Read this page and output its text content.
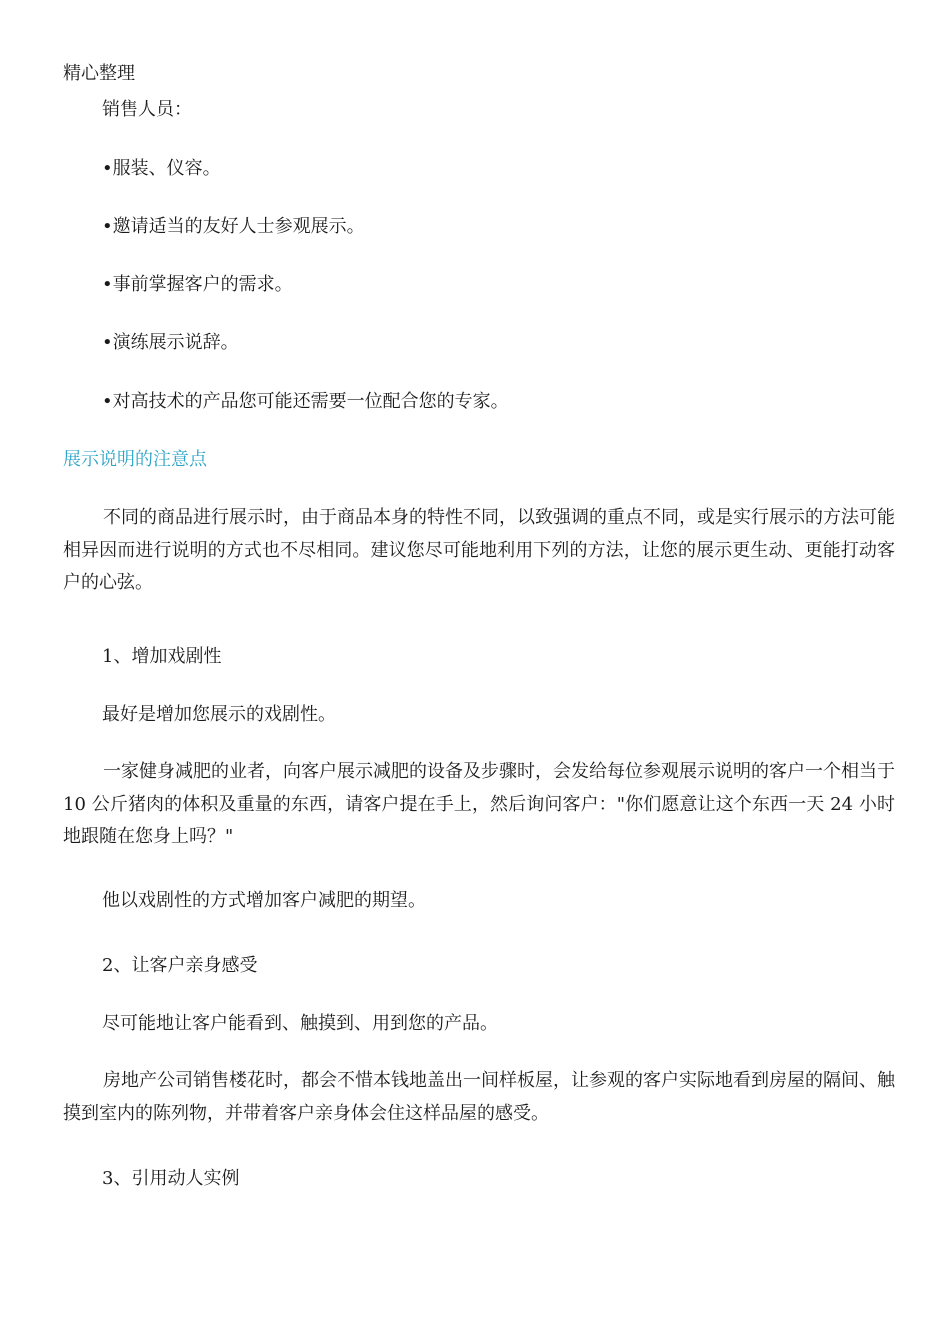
精心整理
销售人员：
•服装、仪容。
•邀请适当的友好人士参观展示。
•事前掌握客户的需求。
•演练展示说辞。
•对高技术的产品您可能还需要一位配合您的专家。
展示说明的注意点
不同的商品进行展示时，由于商品本身的特性不同，以致强调的重点不同，或是实行展示的方法可能相异因而进行说明的方式也不尽相同。建议您尽可能地利用下列的方法，让您的展示更生动、更能打动客户的心弦。
1、增加戏剧性
最好是增加您展示的戏剧性。
一家健身减肥的业者，向客户展示减肥的设备及步骤时，会发给每位参观展示说明的客户一个相当于 10 公斤猪肉的体积及重量的东西，请客户提在手上，然后询问客户："你们愿意让这个东西一天 24 小时地跟随在您身上吗？"
他以戏剧性的方式增加客户减肥的期望。
2、让客户亲身感受
尽可能地让客户能看到、触摸到、用到您的产品。
房地产公司销售楼花时，都会不惜本钱地盖出一间样板屋，让参观的客户实际地看到房屋的隔间、触摸到室内的陈列物，并带着客户亲身体会住这样品屋的感受。
3、引用动人实例
